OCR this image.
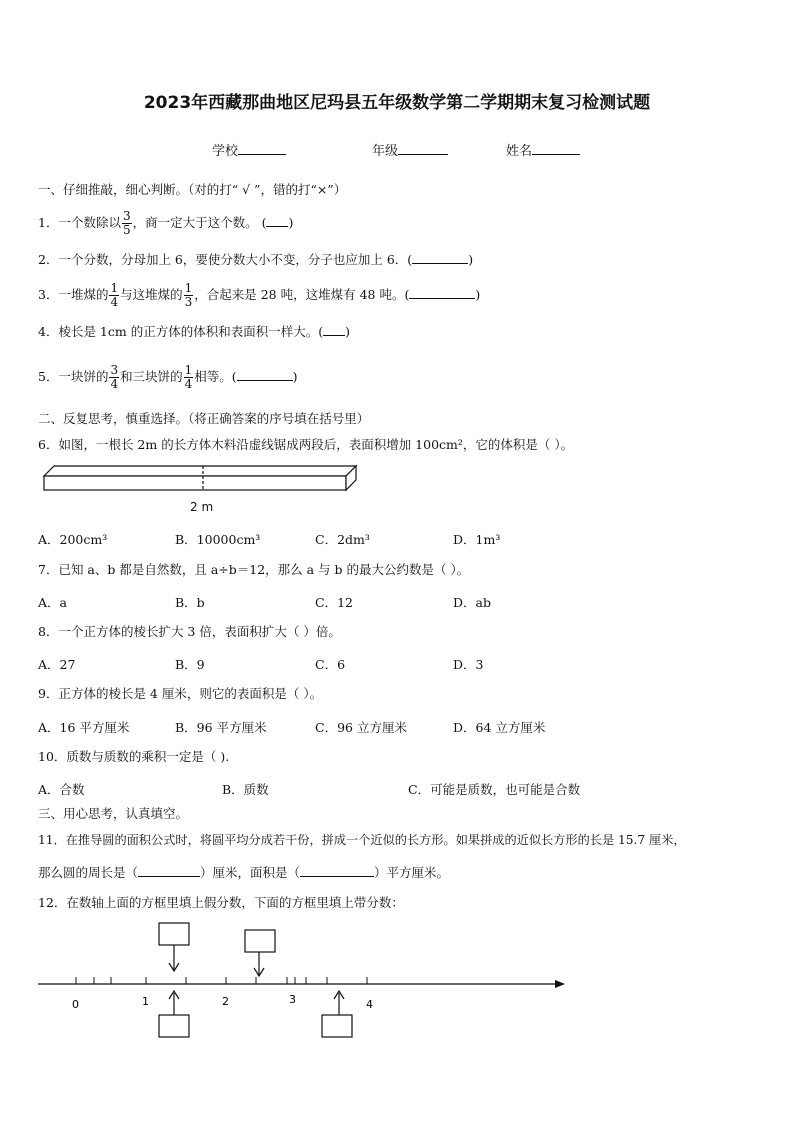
2023年西藏那曲地区尼玛县五年级数学第二学期期末复习检测试题
学校	年级	姓名
一、仔细推敲，细心判断。（对的打“ √ ”，错的打“×”）
1．一个数除以 $\frac{3}{5}$ ，商一定大于这个数。 ( )
2．一个分数，分母加上 6，要使分数大小不变，分子也应加上 6．(	)
3．一堆煤的 $\frac{1}{4}$ 与这堆煤的 $\frac{1}{3}$ ，合起来是 28 吨，这堆煤有 48 吨。(	)
4．棱长是 1cm 的正方体的体积和表面积一样大。( )
5．一块饼的 $\frac{3}{4}$ 和三块饼的 $\frac{1}{4}$ 相等。(	)
二、反复思考，慎重选择。（将正确答案的序号填在括号里）
6．如图，一根长 2m 的长方体木料沿虚线锯成两段后，表面积增加 100cm²，它的体积是（ ）。
2 m
A．200cm³	B．10000cm³	C．2dm³	D．1m³
7．已知 a、b 都是自然数，且 a÷b＝12，那么 a 与 b 的最大公约数是（ ）。
A．a	B．b	C．12	D．ab
8．一个正方体的棱长扩大 3 倍，表面积扩大（ ）倍。
A．27	B．9	C．6	D．3
9．正方体的棱长是 4 厘米，则它的表面积是（ ）。
A．16 平方厘米	B．96 平方厘米	C．96 立方厘米	D．64 立方厘米
10．质数与质数的乘积一定是（ ).
A．合数	B．质数	C．可能是质数，也可能是合数
三、用心思考，认真填空。
11．在推导圆的面积公式时，将圆平均分成若干份，拼成一个近似的长方形。如果拼成的近似长方形的长是 15.7 厘米，
那么圆的周长是（	）厘米，面积是（	）平方厘米。
12．在数轴上面的方框里填上假分数，下面的方框里填上带分数：
0	1	2	3	4
